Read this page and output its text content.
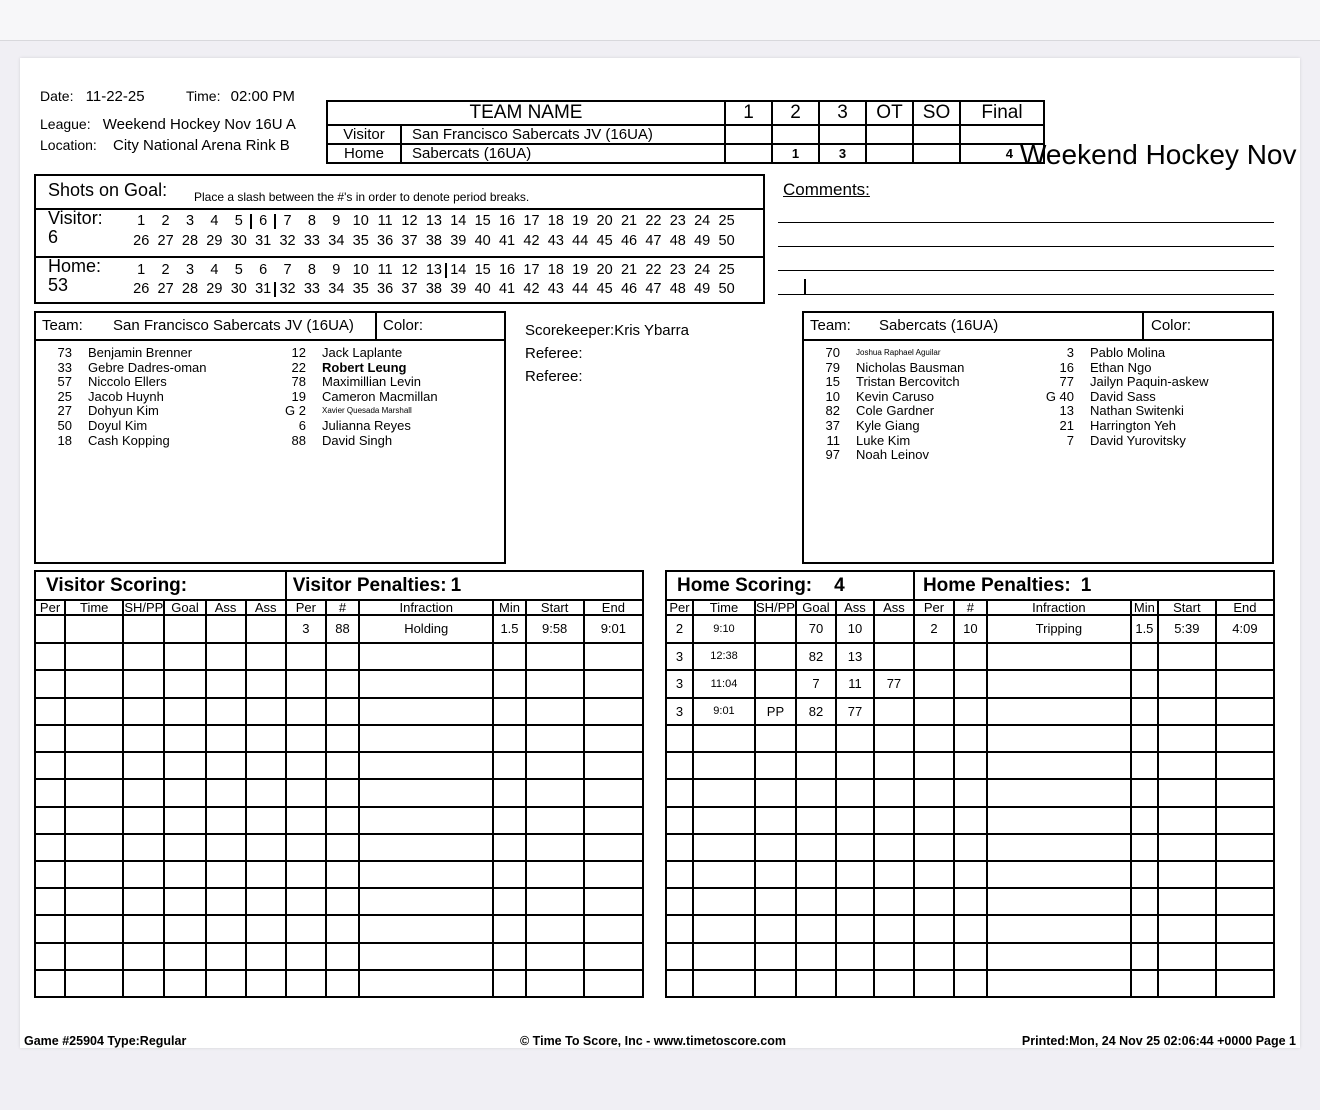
Date: 11-22-25	Time: 02:00 PM
League: Weekend Hockey Nov 16U A
Location: City National Arena Rink B
TEAM NAME		1	2	3	OT	SO	Final
Visitor	San Francisco Sabercats JV (16UA)						
Home	Sabercats (16UA)		1	3			4 Weekend Hockey Nov
Shots on Goal: Place a slash between the #'s in order to denote period breaks.
Visitor:
6
1 2 3 4 5 6 7 8 9 10 11 12 13 14 15 16 17 18 19 20 21 22 23 24 25
26 27 28 29 30 31 32 33 34 35 36 37 38 39 40 41 42 43 44 45 46 47 48 49 50
Home:
53
1 2 3 4 5 6 7 8 9 10 11 12 13 14 15 16 17 18 19 20 21 22 23 24 25
26 27 28 29 30 31 32 33 34 35 36 37 38 39 40 41 42 43 44 45 46 47 48 49 50
Comments:
Team: San Francisco Sabercats JV (16UA) Color:
73	Benjamin Brenner
33	Gebre Dadres-oman
57	Niccolo Ellers
25	Jacob Huynh
27	Dohyun Kim
50	Doyul Kim
18	Cash Kopping
12	Jack Laplante
22	Robert Leung
78	Maximillian Levin
19	Cameron Macmillan
G 2	Xavier Quesada Marshall
6	Julianna Reyes
88	David Singh
Scorekeeper:Kris Ybarra
Referee:
Referee:
Team: Sabercats (16UA)	Color:
70	Joshua Raphael Aguilar
79	Nicholas Bausman
15	Tristan Bercovitch
10	Kevin Caruso
82	Cole Gardner
37	Kyle Giang
11	Luke Kim
97	Noah Leinov
3	Pablo Molina
16	Ethan Ngo
77	Jailyn Paquin-askew
G 40	David Sass
13	Nathan Switenki
21	Harrington Yeh
7	David Yurovitsky
Visitor Scoring:						Visitor Penalties: 1					
Per	Time	SH/PP	Goal	Ass	Ass	Per	#	Infraction	Min	Start	End
						3	88	Holding	1.5	9:58	9:01

Home Scoring: 4						Home Penalties: 1					
Per	Time	SH/PP	Goal	Ass	Ass	Per	#	Infraction	Min	Start	End
2	9:10		70	10		2	10	Tripping	1.5	5:39	4:09
3	12:38		82	13							
3	11:04		7	11	77						
3	9:01	PP	82	77							

Game #25904 Type:Regular	© Time To Score, Inc - www.timetoscore.com	Printed:Mon, 24 Nov 25 02:06:44 +0000 Page 1
